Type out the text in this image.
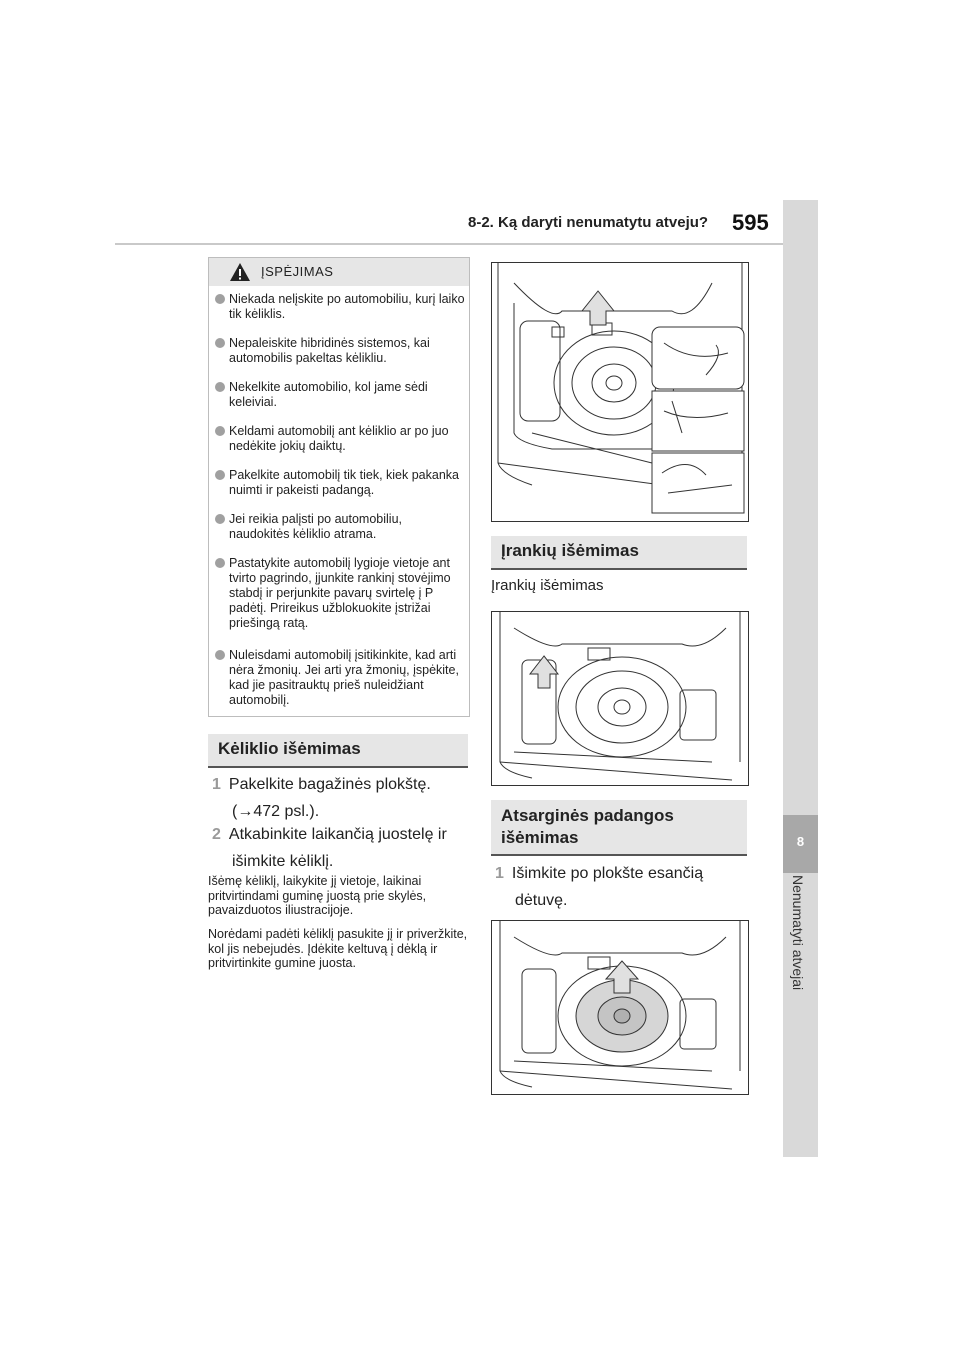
8-2. Ką daryti nenumatytu atveju? 595
8
Nenumatyti atvejai
ĮSPĖJIMAS
Niekada nelįskite po automobiliu, kurį laiko tik kėliklis.
Nepaleiskite hibridinės sistemos, kai automobilis pakeltas kėlikliu.
Nekelkite automobilio, kol jame sėdi keleiviai.
Keldami automobilį ant kėliklio ar po juo nedėkite jokių daiktų.
Pakelkite automobilį tik tiek, kiek pakanka nuimti ir pakeisti padangą.
Jei reikia palįsti po automobiliu, naudokitės kėliklio atrama.
Pastatykite automobilį lygioje vietoje ant tvirto pagrindo, įjunkite rankinį stovėjimo stabdį ir perjunkite pavarų svirtelę į P padėtį. Prireikus užblokuokite įstrižai priešingą ratą.
Nuleisdami automobilį įsitikinkite, kad arti nėra žmonių. Jei arti yra žmonių, įspėkite, kad jie pasitrauktų prieš nuleidžiant automobilį.
Kėliklio išėmimas
1 Pakelkite bagažinės plokštę.
(→472 psl.).
2 Atkabinkite laikančią juostelę ir
išimkite kėliklį.
Išėmę kėliklį, laikykite jį vietoje, laikinai pritvirtindami guminę juostą prie skylės, pavaizduotos iliustracijoje.
Norėdami padėti kėliklį pasukite jį ir priveržkite, kol jis nebejudės. Įdėkite keltuvą į dėklą ir pritvirtinkite gumine juosta.
Įrankių išėmimas
Įrankių išėmimas
Atsarginės padangos
išėmimas
1 Išimkite po plokšte esančią
dėtuvę.
